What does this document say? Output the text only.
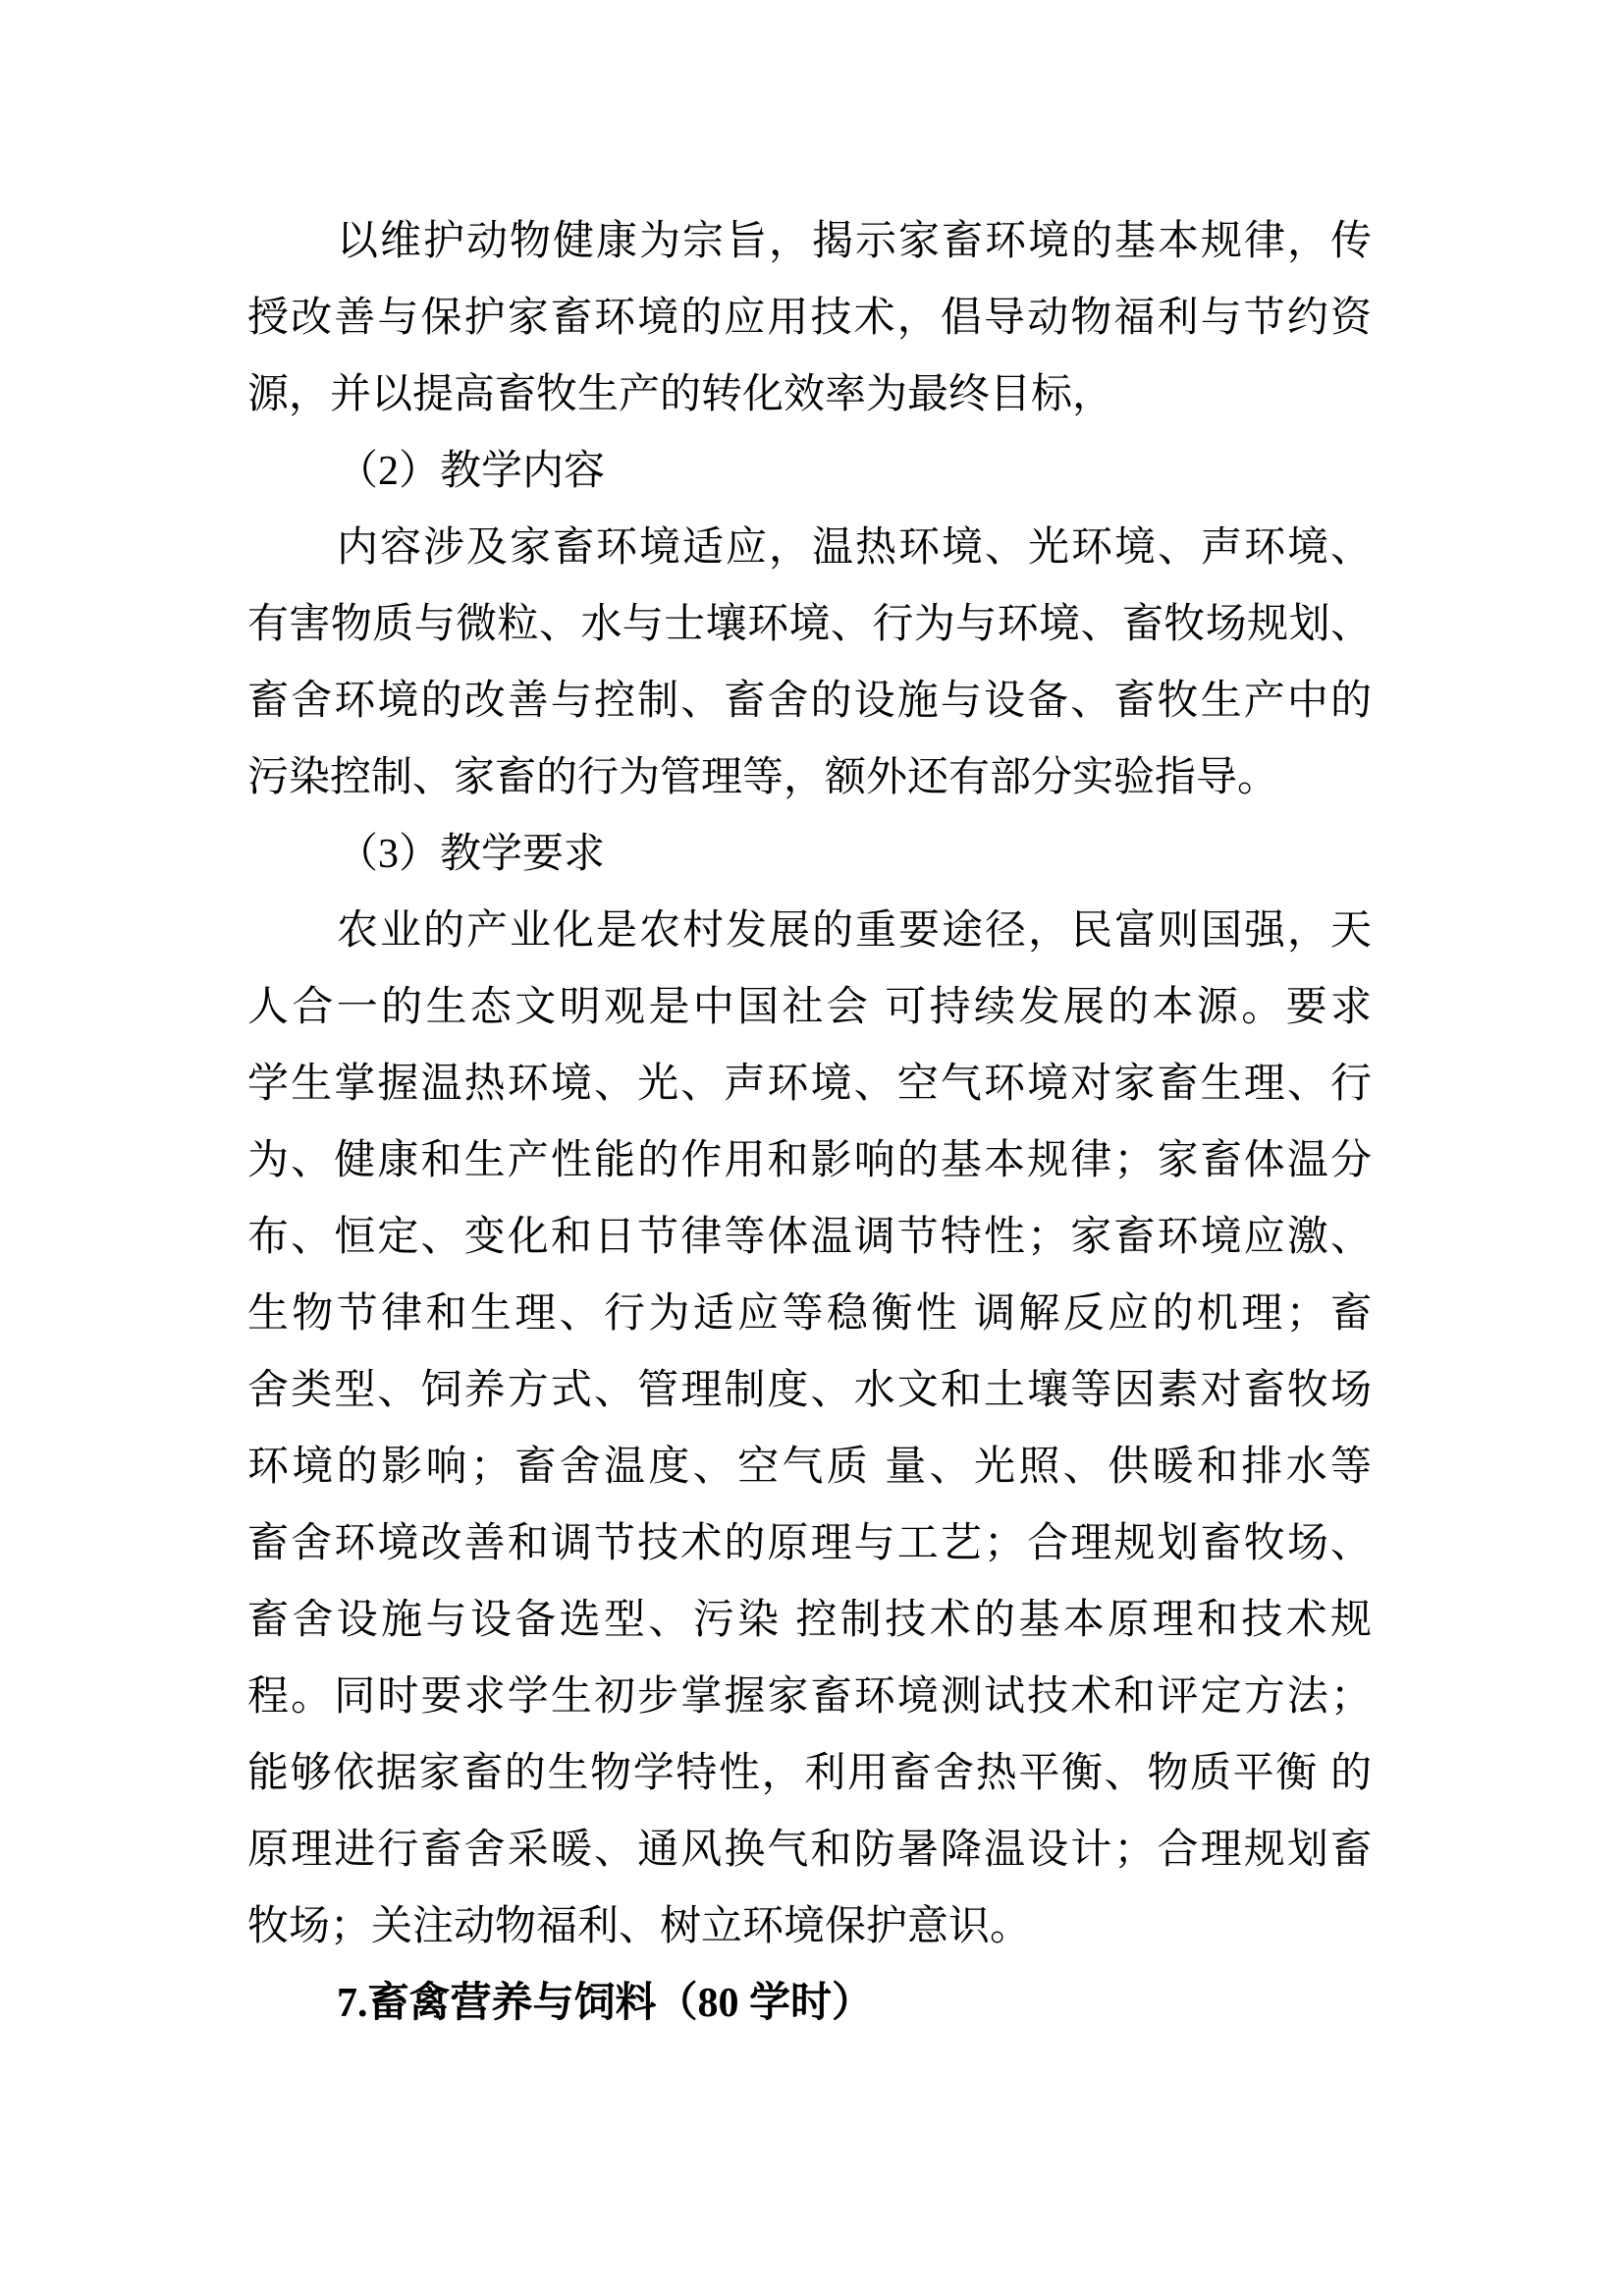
以维护动物健康为宗旨，揭示家畜环境的基本规律，传
授改善与保护家畜环境的应用技术，倡导动物福利与节约资
源，并以提高畜牧生产的转化效率为最终目标，
（2）教学内容
内容涉及家畜环境适应，温热环境、光环境、声环境、
有害物质与微粒、水与士壤环境、行为与环境、畜牧场规划、
畜舍环境的改善与控制、畜舍的设施与设备、畜牧生产中的
污染控制、家畜的行为管理等，额外还有部分实验指导。
（3）教学要求
农业的产业化是农村发展的重要途径，民富则国强，天
人合一的生态文明观是中国社会 可持续发展的本源。要求
学生掌握温热环境、光、声环境、空气环境对家畜生理、行
为、健康和生产性能的作用和影响的基本规律；家畜体温分
布、恒定、变化和日节律等体温调节特性；家畜环境应激、
生物节律和生理、行为适应等稳衡性 调解反应的机理；畜
舍类型、饲养方式、管理制度、水文和土壤等因素对畜牧场
环境的影响；畜舍温度、空气质 量、光照、供暖和排水等
畜舍环境改善和调节技术的原理与工艺；合理规划畜牧场、
畜舍设施与设备选型、污染 控制技术的基本原理和技术规
程。同时要求学生初步掌握家畜环境测试技术和评定方法；
能够依据家畜的生物学特性，利用畜舍热平衡、物质平衡 的
原理进行畜舍采暖、通风换气和防暑降温设计；合理规划畜
牧场；关注动物福利、树立环境保护意识。
7.畜禽营养与饲料（80 学时）
